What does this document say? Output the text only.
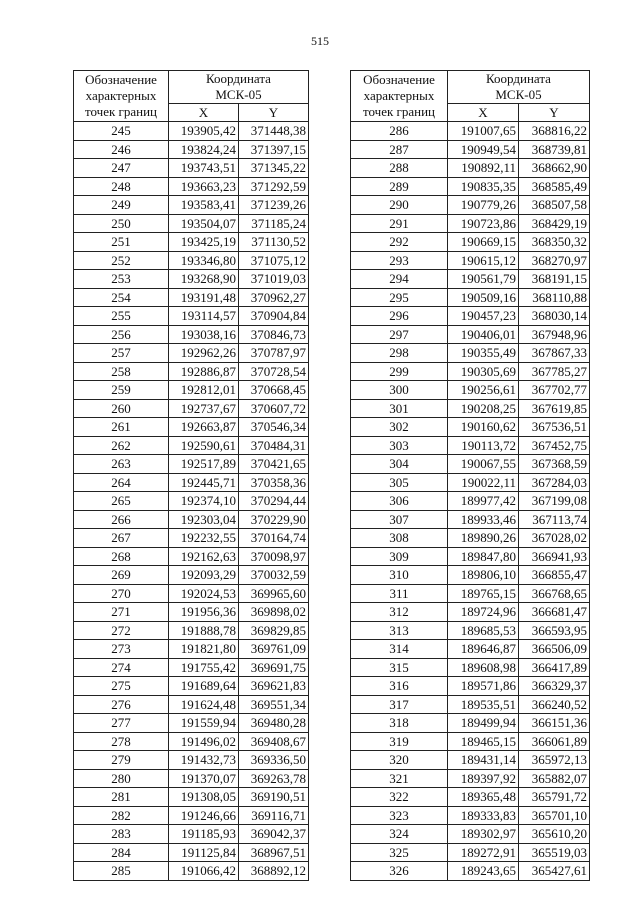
515
Обозначение
характерных
точек границ	Координата
МСК-05	
	X	Y
245	193905,42	371448,38
246	193824,24	371397,15
247	193743,51	371345,22
248	193663,23	371292,59
249	193583,41	371239,26
250	193504,07	371185,24
251	193425,19	371130,52
252	193346,80	371075,12
253	193268,90	371019,03
254	193191,48	370962,27
255	193114,57	370904,84
256	193038,16	370846,73
257	192962,26	370787,97
258	192886,87	370728,54
259	192812,01	370668,45
260	192737,67	370607,72
261	192663,87	370546,34
262	192590,61	370484,31
263	192517,89	370421,65
264	192445,71	370358,36
265	192374,10	370294,44
266	192303,04	370229,90
267	192232,55	370164,74
268	192162,63	370098,97
269	192093,29	370032,59
270	192024,53	369965,60
271	191956,36	369898,02
272	191888,78	369829,85
273	191821,80	369761,09
274	191755,42	369691,75
275	191689,64	369621,83
276	191624,48	369551,34
277	191559,94	369480,28
278	191496,02	369408,67
279	191432,73	369336,50
280	191370,07	369263,78
281	191308,05	369190,51
282	191246,66	369116,71
283	191185,93	369042,37
284	191125,84	368967,51
285	191066,42	368892,12
Обозначение
характерных
точек границ	Координата
МСК-05	
	X	Y
286	191007,65	368816,22
287	190949,54	368739,81
288	190892,11	368662,90
289	190835,35	368585,49
290	190779,26	368507,58
291	190723,86	368429,19
292	190669,15	368350,32
293	190615,12	368270,97
294	190561,79	368191,15
295	190509,16	368110,88
296	190457,23	368030,14
297	190406,01	367948,96
298	190355,49	367867,33
299	190305,69	367785,27
300	190256,61	367702,77
301	190208,25	367619,85
302	190160,62	367536,51
303	190113,72	367452,75
304	190067,55	367368,59
305	190022,11	367284,03
306	189977,42	367199,08
307	189933,46	367113,74
308	189890,26	367028,02
309	189847,80	366941,93
310	189806,10	366855,47
311	189765,15	366768,65
312	189724,96	366681,47
313	189685,53	366593,95
314	189646,87	366506,09
315	189608,98	366417,89
316	189571,86	366329,37
317	189535,51	366240,52
318	189499,94	366151,36
319	189465,15	366061,89
320	189431,14	365972,13
321	189397,92	365882,07
322	189365,48	365791,72
323	189333,83	365701,10
324	189302,97	365610,20
325	189272,91	365519,03
326	189243,65	365427,61
